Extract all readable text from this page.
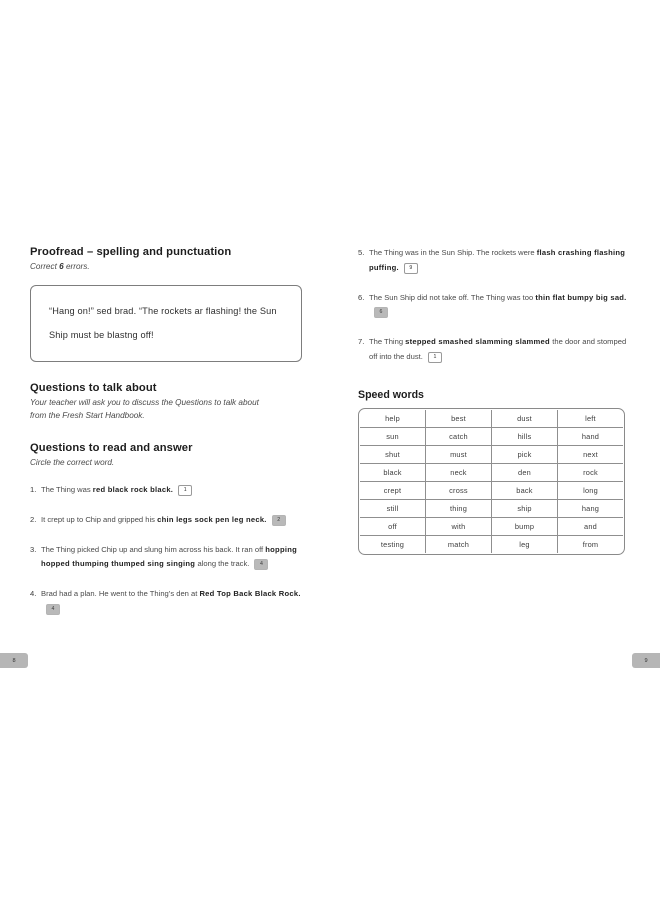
Proofread – spelling and punctuation

Correct 6 errors.

“Hang on!” sed brad. “The rockets ar flashing! the Sun
Ship must be blastng off!
Questions to talk about

Your teacher will ask you to discuss the Questions to talk about

from the Fresh Start Handbook.

Questions to read and answer

Circle the correct word.

1. The Thing was red black rock black. 1
2. It crept up to Chip and gripped his chin legs sock pen leg neck. 2
3. The Thing picked Chip up and slung him across his back. It ran off hopping hopped thumping thumped sing singing along the track. 4
4. Brad had a plan. He went to the Thing’s den at Red Top Back Black Rock.4
8
5. The Thing was in the Sun Ship. The rockets were flash crashing flashing puffing. 9
6. The Sun Ship did not take off. The Thing was too thin flat bumpy big sad.6
7. The Thing stepped smashed slamming slammed the door and stomped off into the dust. 1
Speed words
help	best	dust	left
sun	catch	hills	hand
shut	must	pick	next
black	neck	den	rock
crept	cross	back	long
still	thing	ship	hang
off	with	bump	and
testing	match	leg	from
9
